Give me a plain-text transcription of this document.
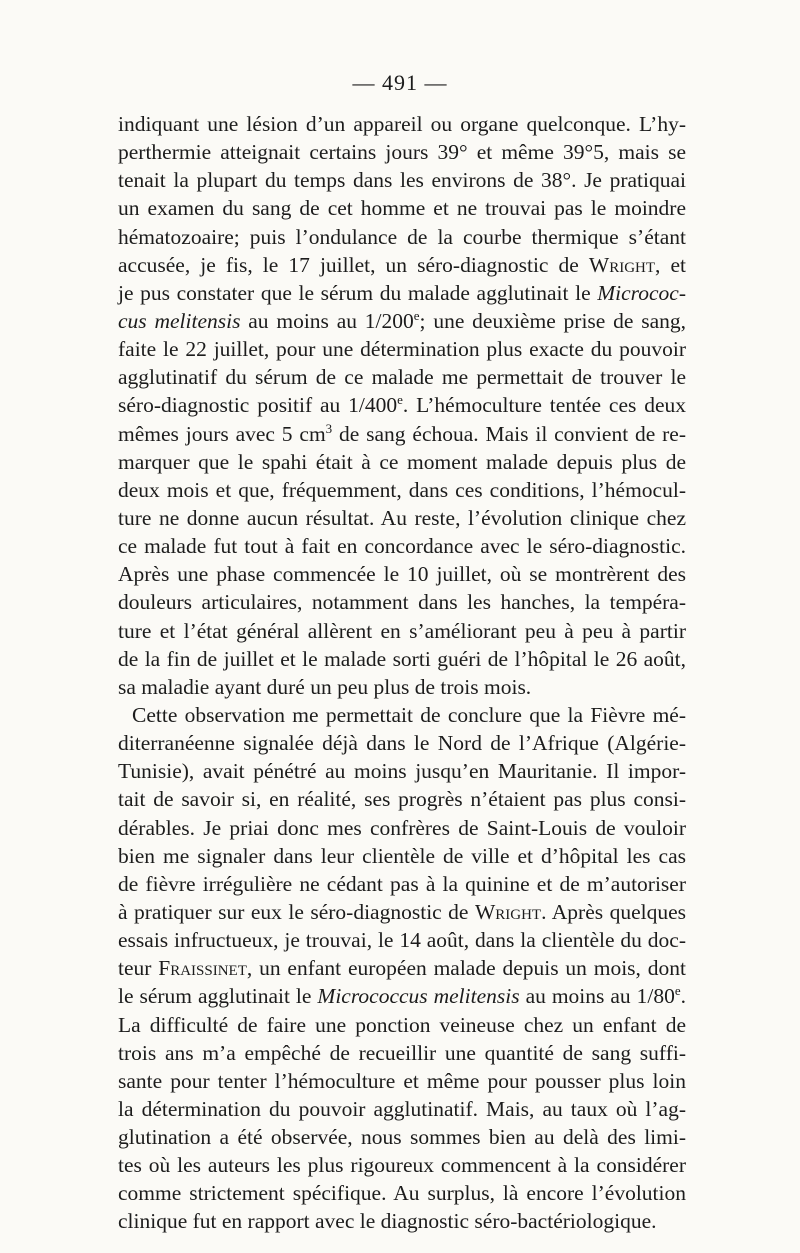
— 491 —
indiquant une lésion d’un appareil ou organe quelconque. L’hy-
perthermie atteignait certains jours 39° et même 39°5, mais se
tenait la plupart du temps dans les environs de 38°. Je pratiquai
un examen du sang de cet homme et ne trouvai pas le moindre
hématozoaire; puis l’ondulance de la courbe thermique s’étant
accusée, je fis, le 17 juillet, un séro-diagnostic de Wright, et
je pus constater que le sérum du malade agglutinait le Micrococ-
cus melitensis au moins au 1/200e; une deuxième prise de sang,
faite le 22 juillet, pour une détermination plus exacte du pouvoir
agglutinatif du sérum de ce malade me permettait de trouver le
séro-diagnostic positif au 1/400e. L’hémoculture tentée ces deux
mêmes jours avec 5 $cm^3$ de sang échoua. Mais il convient de re-
marquer que le spahi était à ce moment malade depuis plus de
deux mois et que, fréquemment, dans ces conditions, l’hémocul-
ture ne donne aucun résultat. Au reste, l’évolution clinique chez
ce malade fut tout à fait en concordance avec le séro-diagnostic.
Après une phase commencée le 10 juillet, où se montrèrent des
douleurs articulaires, notamment dans les hanches, la tempéra-
ture et l’état général allèrent en s’améliorant peu à peu à partir
de la fin de juillet et le malade sorti guéri de l’hôpital le 26 août,
sa maladie ayant duré un peu plus de trois mois.
Cette observation me permettait de conclure que la Fièvre mé-
diterranéenne signalée déjà dans le Nord de l’Afrique (Algérie-
Tunisie), avait pénétré au moins jusqu’en Mauritanie. Il impor-
tait de savoir si, en réalité, ses progrès n’étaient pas plus consi-
dérables. Je priai donc mes confrères de Saint-Louis de vouloir
bien me signaler dans leur clientèle de ville et d’hôpital les cas
de fièvre irrégulière ne cédant pas à la quinine et de m’autoriser
à pratiquer sur eux le séro-diagnostic de Wright. Après quelques
essais infructueux, je trouvai, le 14 août, dans la clientèle du doc-
teur Fraissinet, un enfant européen malade depuis un mois, dont
le sérum agglutinait le Micrococcus melitensis au moins au 1/80e.
La difficulté de faire une ponction veineuse chez un enfant de
trois ans m’a empêché de recueillir une quantité de sang suffi-
sante pour tenter l’hémoculture et même pour pousser plus loin
la détermination du pouvoir agglutinatif. Mais, au taux où l’ag-
glutination a été observée, nous sommes bien au delà des limi-
tes où les auteurs les plus rigoureux commencent à la considérer
comme strictement spécifique. Au surplus, là encore l’évolution
clinique fut en rapport avec le diagnostic séro-bactériologique.
